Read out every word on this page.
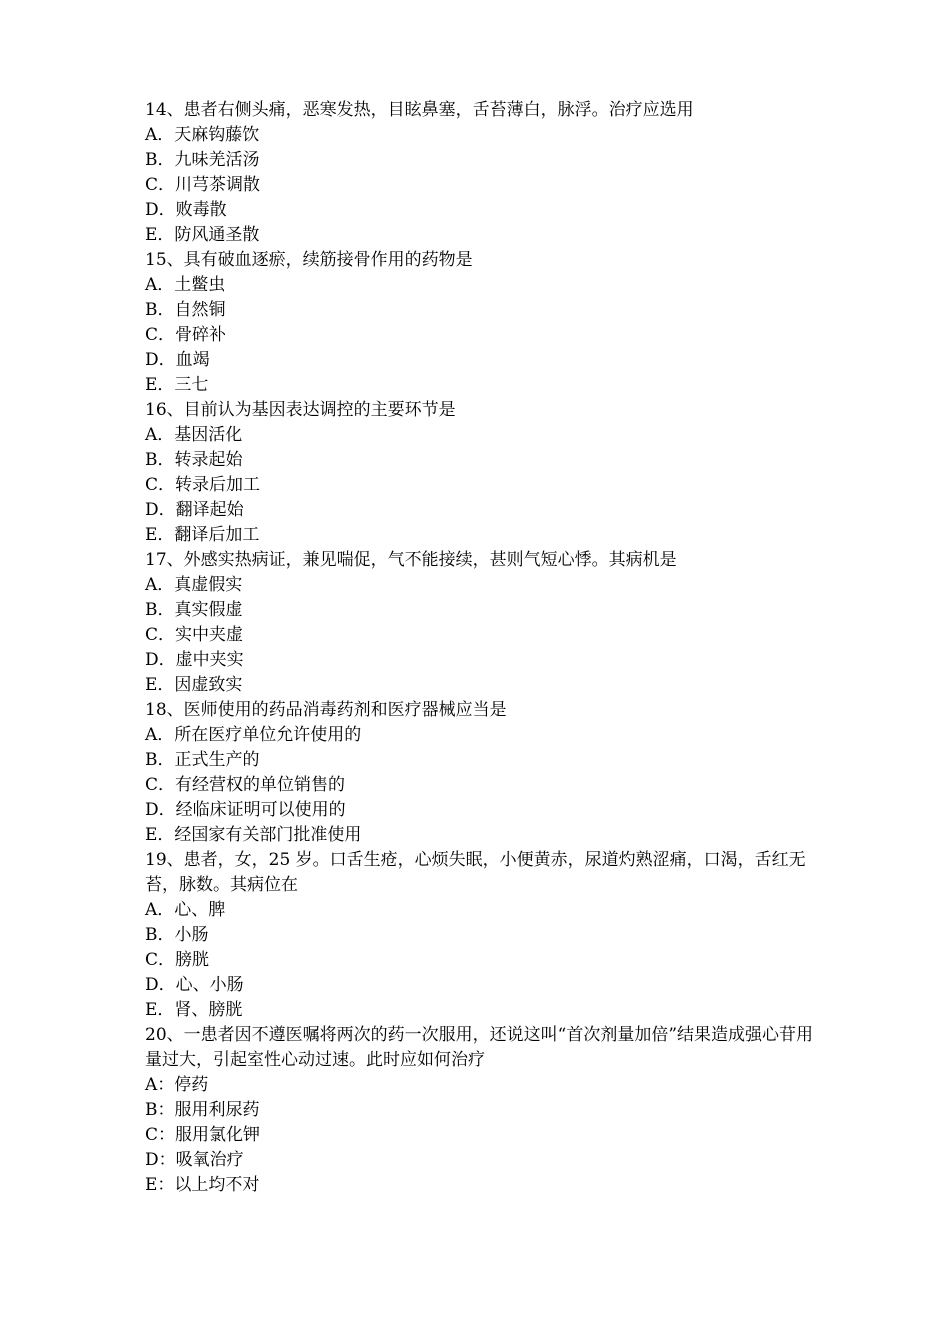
14、患者右侧头痛，恶寒发热，目眩鼻塞，舌苔薄白，脉浮。治疗应选用

A．天麻钩藤饮

B．九味羌活汤

C．川芎茶调散

D．败毒散

E．防风通圣散

15、具有破血逐瘀，续筋接骨作用的药物是

A．土鳖虫

B．自然铜

C．骨碎补

D．血竭

E．三七

16、目前认为基因表达调控的主要环节是

A．基因活化

B．转录起始

C．转录后加工

D．翻译起始

E．翻译后加工

17、外感实热病证，兼见喘促，气不能接续，甚则气短心悸。其病机是

A．真虚假实

B．真实假虚

C．实中夹虚

D．虚中夹实

E．因虚致实

18、医师使用的药品消毒药剂和医疗器械应当是

A．所在医疗单位允许使用的

B．正式生产的

C．有经营权的单位销售的

D．经临床证明可以使用的

E．经国家有关部门批准使用

19、患者，女，25 岁。口舌生疮，心烦失眠，小便黄赤，尿道灼熟涩痛，口渴，舌红无苔，脉数。其病位在

A．心、脾

B．小肠

C．膀胱

D．心、小肠

E．肾、膀胱

20、一患者因不遵医嘱将两次的药一次服用，还说这叫“首次剂量加倍”结果造成强心苷用量过大，引起室性心动过速。此时应如何治疗

A：停药

B：服用利尿药

C：服用氯化钾

D：吸氧治疗

E：以上均不对
